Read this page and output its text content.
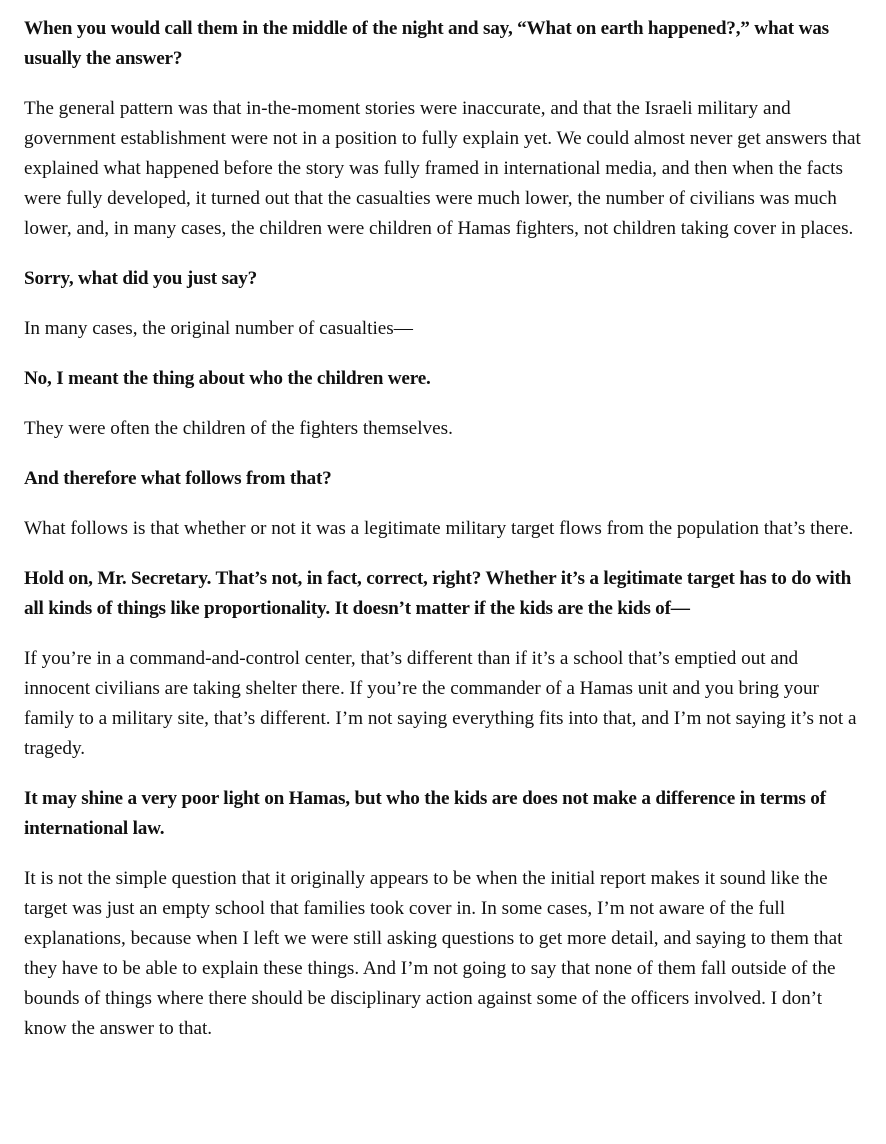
When you would call them in the middle of the night and say, “What on earth happened?,” what was usually the answer?

The general pattern was that in-the-moment stories were inaccurate, and that the Israeli military and government establishment were not in a position to fully explain yet. We could almost never get answers that explained what happened before the story was fully framed in international media, and then when the facts were fully developed, it turned out that the casualties were much lower, the number of civilians was much lower, and, in many cases, the children were children of Hamas fighters, not children taking cover in places.

Sorry, what did you just say?

In many cases, the original number of casualties—

No, I meant the thing about who the children were.

They were often the children of the fighters themselves.

And therefore what follows from that?

What follows is that whether or not it was a legitimate military target flows from the population that’s there.

Hold on, Mr. Secretary. That’s not, in fact, correct, right? Whether it’s a legitimate target has to do with all kinds of things like proportionality. It doesn’t matter if the kids are the kids of—

If you’re in a command-and-control center, that’s different than if it’s a school that’s emptied out and innocent civilians are taking shelter there. If you’re the commander of a Hamas unit and you bring your family to a military site, that’s different. I’m not saying everything fits into that, and I’m not saying it’s not a tragedy.

It may shine a very poor light on Hamas, but who the kids are does not make a difference in terms of international law.

It is not the simple question that it originally appears to be when the initial report makes it sound like the target was just an empty school that families took cover in. In some cases, I’m not aware of the full explanations, because when I left we were still asking questions to get more detail, and saying to them that they have to be able to explain these things. And I’m not going to say that none of them fall outside of the bounds of things where there should be disciplinary action against some of the officers involved. I don’t know the answer to that.
